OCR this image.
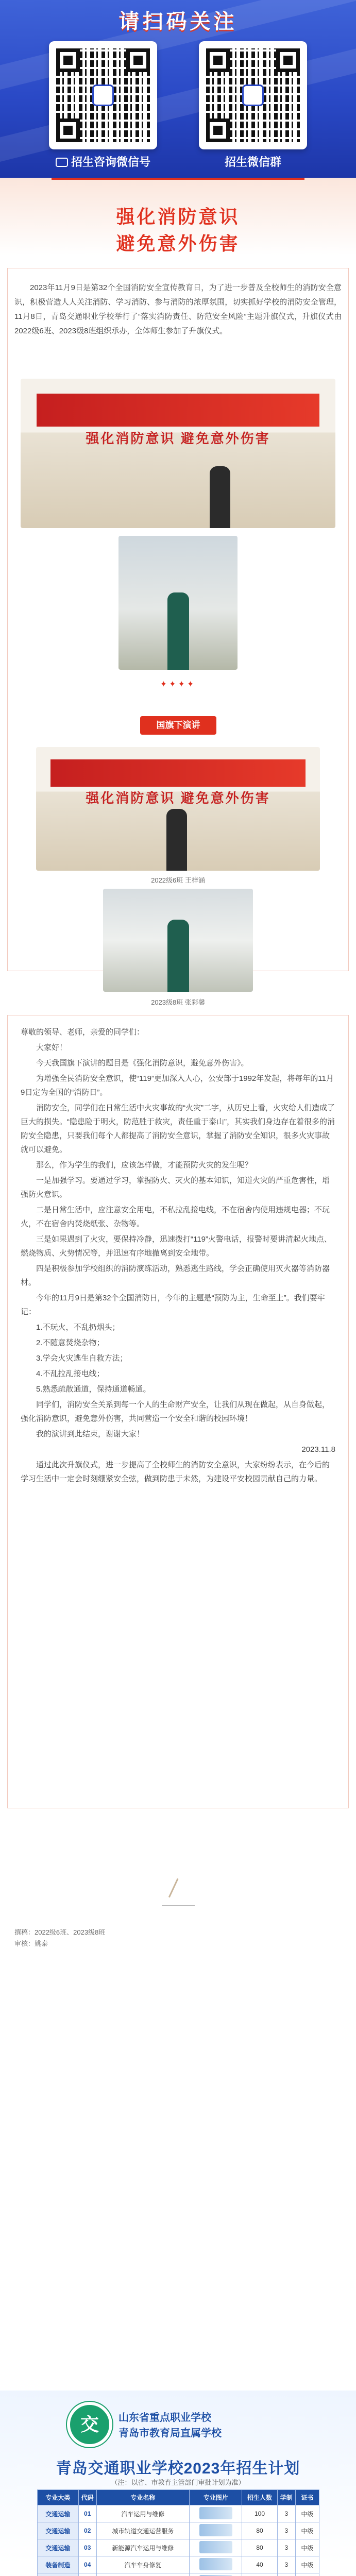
请扫码关注
招生咨询微信号	招生微信群
强化消防意识
避免意外伤害
2023年11月9日是第32个全国消防安全宣传教育日，为了进一步普及全校师生的消防安全意识，积极营造人人关注消防、学习消防、参与消防的浓厚氛围，切实抓好学校的消防安全管理，11月8日，青岛交通职业学校举行了“落实消防责任、防范安全风险”主题升旗仪式，升旗仪式由2022级6班、2023级8班组织承办，全体师生参加了升旗仪式。
强化消防意识 避免意外伤害
✦✦✦✦
国旗下演讲
强化消防意识 避免意外伤害
2022级6班 王梓涵
2023级8班 张彩馨

尊敬的领导、老师，亲爱的同学们：

大家好！

今天我国旗下演讲的题目是《强化消防意识，避免意外伤害》。

为增强全民消防安全意识，使“119”更加深入人心，公安部于1992年发起，将每年的11月9日定为全国的“消防日”。

消防安全，同学们在日常生活中火灾事故的“火灾”二字，从历史上看，火灾给人们造成了巨大的损失。“隐患险于明火，防范胜于救灾，责任重于泰山”，其实我们身边存在着很多的消防安全隐患，只要我们每个人都提高了消防安全意识，掌握了消防安全知识，很多火灾事故就可以避免。

那么，作为学生的我们，应该怎样做，才能预防火灾的发生呢？

一是加强学习。要通过学习，掌握防火、灭火的基本知识，知道火灾的严重危害性，增强防火意识。

二是日常生活中，应注意安全用电，不私拉乱接电线，不在宿舍内使用违规电器；不玩火，不在宿舍内焚烧纸张、杂物等。

三是如果遇到了火灾，要保持冷静，迅速拨打“119”火警电话，报警时要讲清起火地点、燃烧物质、火势情况等，并迅速有序地撤离到安全地带。

四是积极参加学校组织的消防演练活动，熟悉逃生路线，学会正确使用灭火器等消防器材。

今年的11月9日是第32个全国消防日，今年的主题是“预防为主，生命至上”。我们要牢记：

1.不玩火，不乱扔烟头；

2.不随意焚烧杂物；

3.学会火灾逃生自救方法；

4.不乱拉乱接电线；

5.熟悉疏散通道，保持通道畅通。

同学们，消防安全关系到每一个人的生命财产安全，让我们从现在做起，从自身做起，强化消防意识，避免意外伤害，共同营造一个安全和谐的校园环境！

我的演讲到此结束，谢谢大家！

2023.11.8

通过此次升旗仪式，进一步提高了全校师生的消防安全意识，大家纷纷表示，在今后的学习生活中一定会时刻绷紧安全弦，做到防患于未然，为建设平安校园贡献自己的力量。

撰稿：2022级6班、2023级8班
审核：姚泰
交	山东省重点职业学校
青岛市教育局直属学校
青岛交通职业学校2023年招生计划
（注：以省、市教育主管部门审批计划为准）
专业大类	代码	专业名称	专业图片	招生人数	学制	证书
交通运输	01	汽车运用与维修		100	3	中级
交通运输	02	城市轨道交通运营服务		80	3	中级
交通运输	03	新能源汽车运用与维修		80	3	中级
装备制造	04	汽车车身修复		40	3	中级
